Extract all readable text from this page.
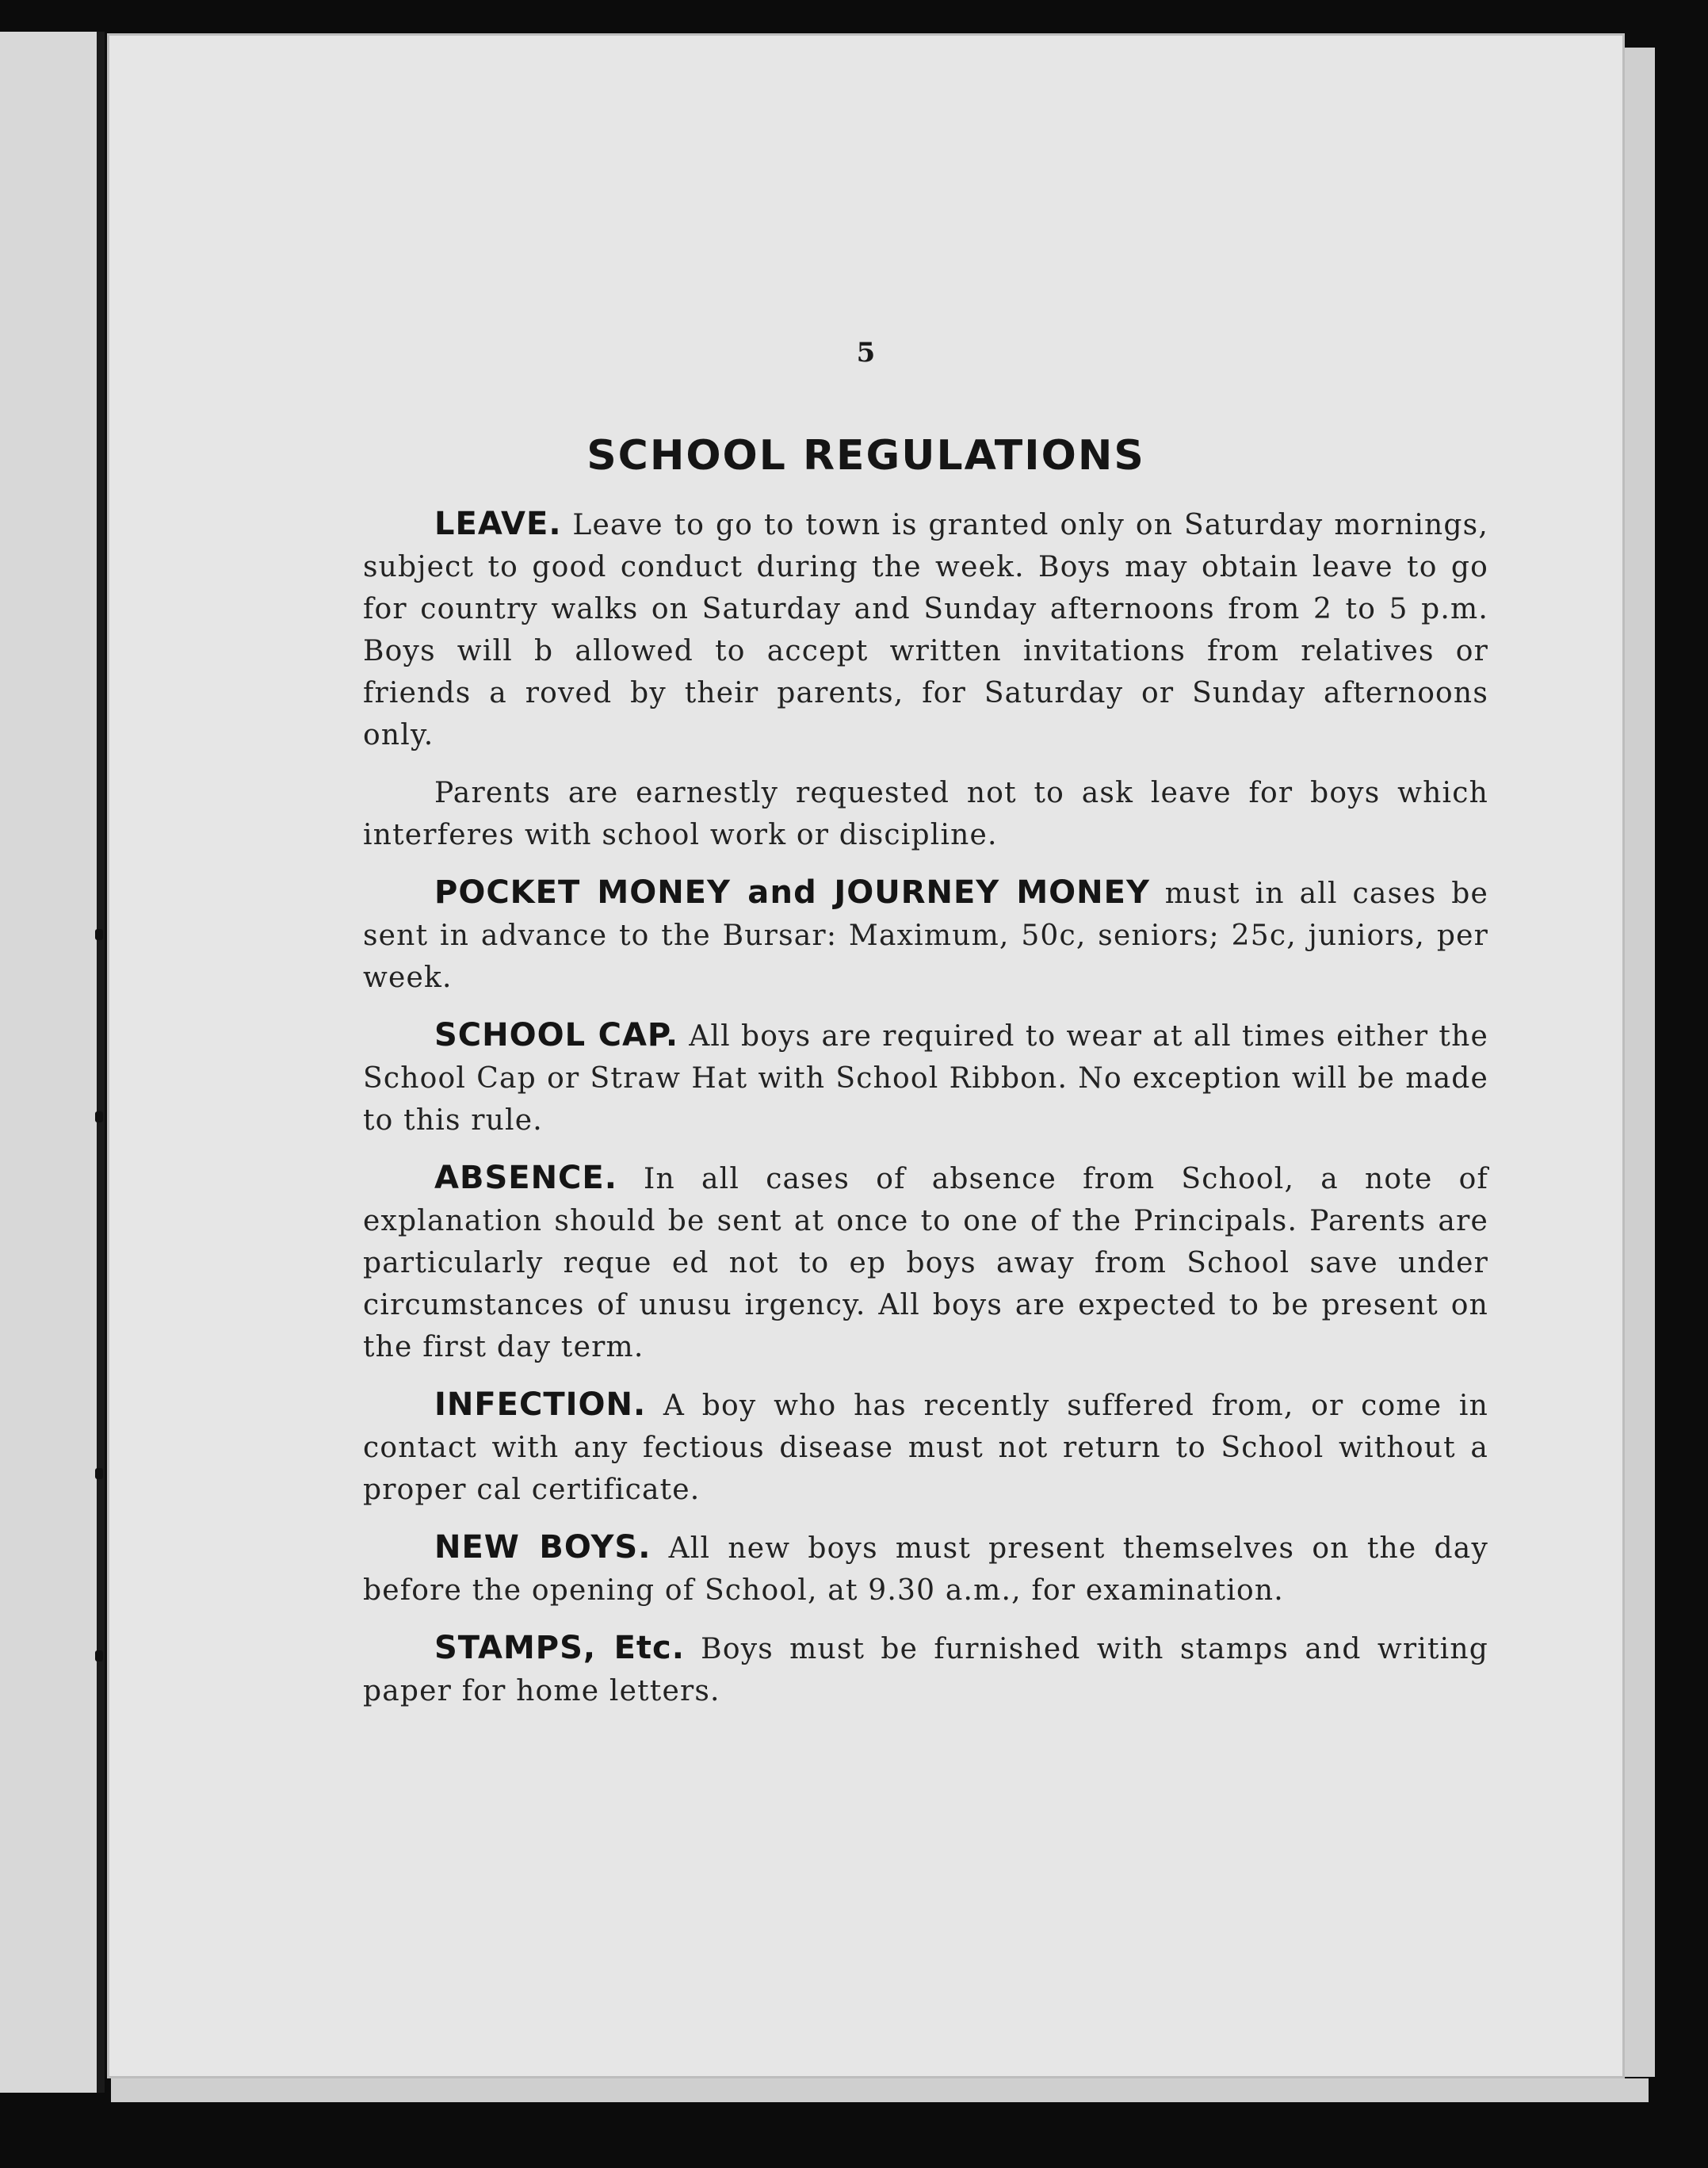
5
SCHOOL REGULATIONS

LEAVE. Leave to go to town is granted only on Saturday mornings, subject to good conduct during the week. Boys may obtain leave to go for country walks on Saturday and Sunday afternoons from 2 to 5 p.m. Boys will b allowed to accept written invitations from relatives or friends a roved by their parents, for Saturday or Sunday afternoons only.

Parents are earnestly requested not to ask leave for boys which interferes with school work or discipline.

POCKET MONEY and JOURNEY MONEY must in all cases be sent in advance to the Bursar: Maximum, 50c, seniors; 25c, juniors, per week.

SCHOOL CAP. All boys are required to wear at all times either the School Cap or Straw Hat with School Ribbon. No exception will be made to this rule.

ABSENCE. In all cases of absence from School, a note of explanation should be sent at once to one of the Principals. Parents are particularly reque ed not to ep boys away from School save under circumstances of unusu irgency. All boys are expected to be present on the first day term.

INFECTION. A boy who has recently suffered from, or come in contact with any fectious disease must not return to School without a proper cal certificate.

NEW BOYS. All new boys must present themselves on the day before the opening of School, at 9.30 a.m., for examination.

STAMPS, Etc. Boys must be furnished with stamps and writing paper for home letters.
